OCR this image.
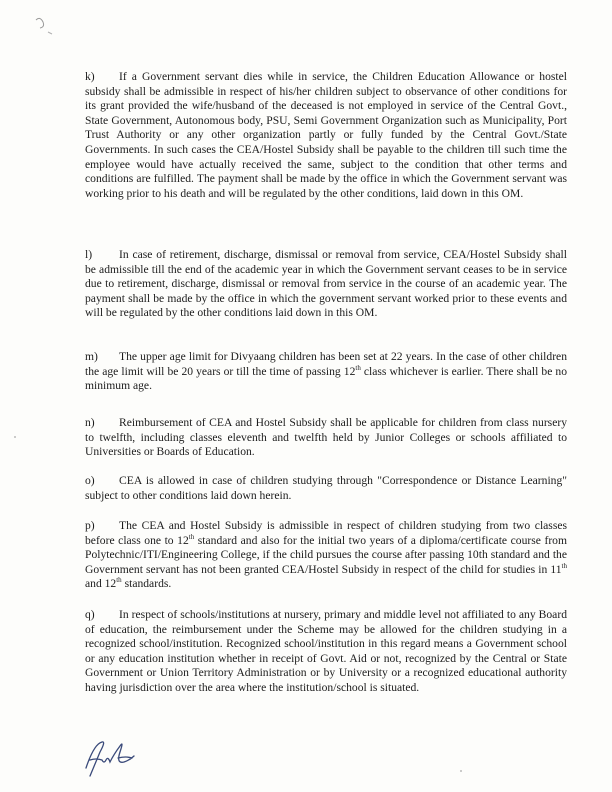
k) If a Government servant dies while in service, the Children Education Allowance or hostel subsidy shall be admissible in respect of his/her children subject to observance of other conditions for its grant provided the wife/husband of the deceased is not employed in service of the Central Govt., State Government, Autonomous body, PSU, Semi Government Organization such as Municipality, Port Trust Authority or any other organization partly or fully funded by the Central Govt./State Governments. In such cases the CEA/Hostel Subsidy shall be payable to the children till such time the employee would have actually received the same, subject to the condition that other terms and conditions are fulfilled. The payment shall be made by the office in which the Government servant was working prior to his death and will be regulated by the other conditions, laid down in this OM.

l) In case of retirement, discharge, dismissal or removal from service, CEA/Hostel Subsidy shall be admissible till the end of the academic year in which the Government servant ceases to be in service due to retirement, discharge, dismissal or removal from service in the course of an academic year. The payment shall be made by the office in which the government servant worked prior to these events and will be regulated by the other conditions laid down in this OM.

m) The upper age limit for Divyaang children has been set at 22 years. In the case of other children the age limit will be 20 years or till the time of passing 12th class whichever is earlier. There shall be no minimum age.

n) Reimbursement of CEA and Hostel Subsidy shall be applicable for children from class nursery to twelfth, including classes eleventh and twelfth held by Junior Colleges or schools affiliated to Universities or Boards of Education.

o) CEA is allowed in case of children studying through "Correspondence or Distance Learning" subject to other conditions laid down herein.

p) The CEA and Hostel Subsidy is admissible in respect of children studying from two classes before class one to 12th standard and also for the initial two years of a diploma/certificate course from Polytechnic/ITI/Engineering College, if the child pursues the course after passing 10th standard and the Government servant has not been granted CEA/Hostel Subsidy in respect of the child for studies in 11th and 12th standards.

q) In respect of schools/institutions at nursery, primary and middle level not affiliated to any Board of education, the reimbursement under the Scheme may be allowed for the children studying in a recognized school/institution. Recognized school/institution in this regard means a Government school or any education institution whether in receipt of Govt. Aid or not, recognized by the Central or State Government or Union Territory Administration or by University or a recognized educational authority having jurisdiction over the area where the institution/school is situated.
